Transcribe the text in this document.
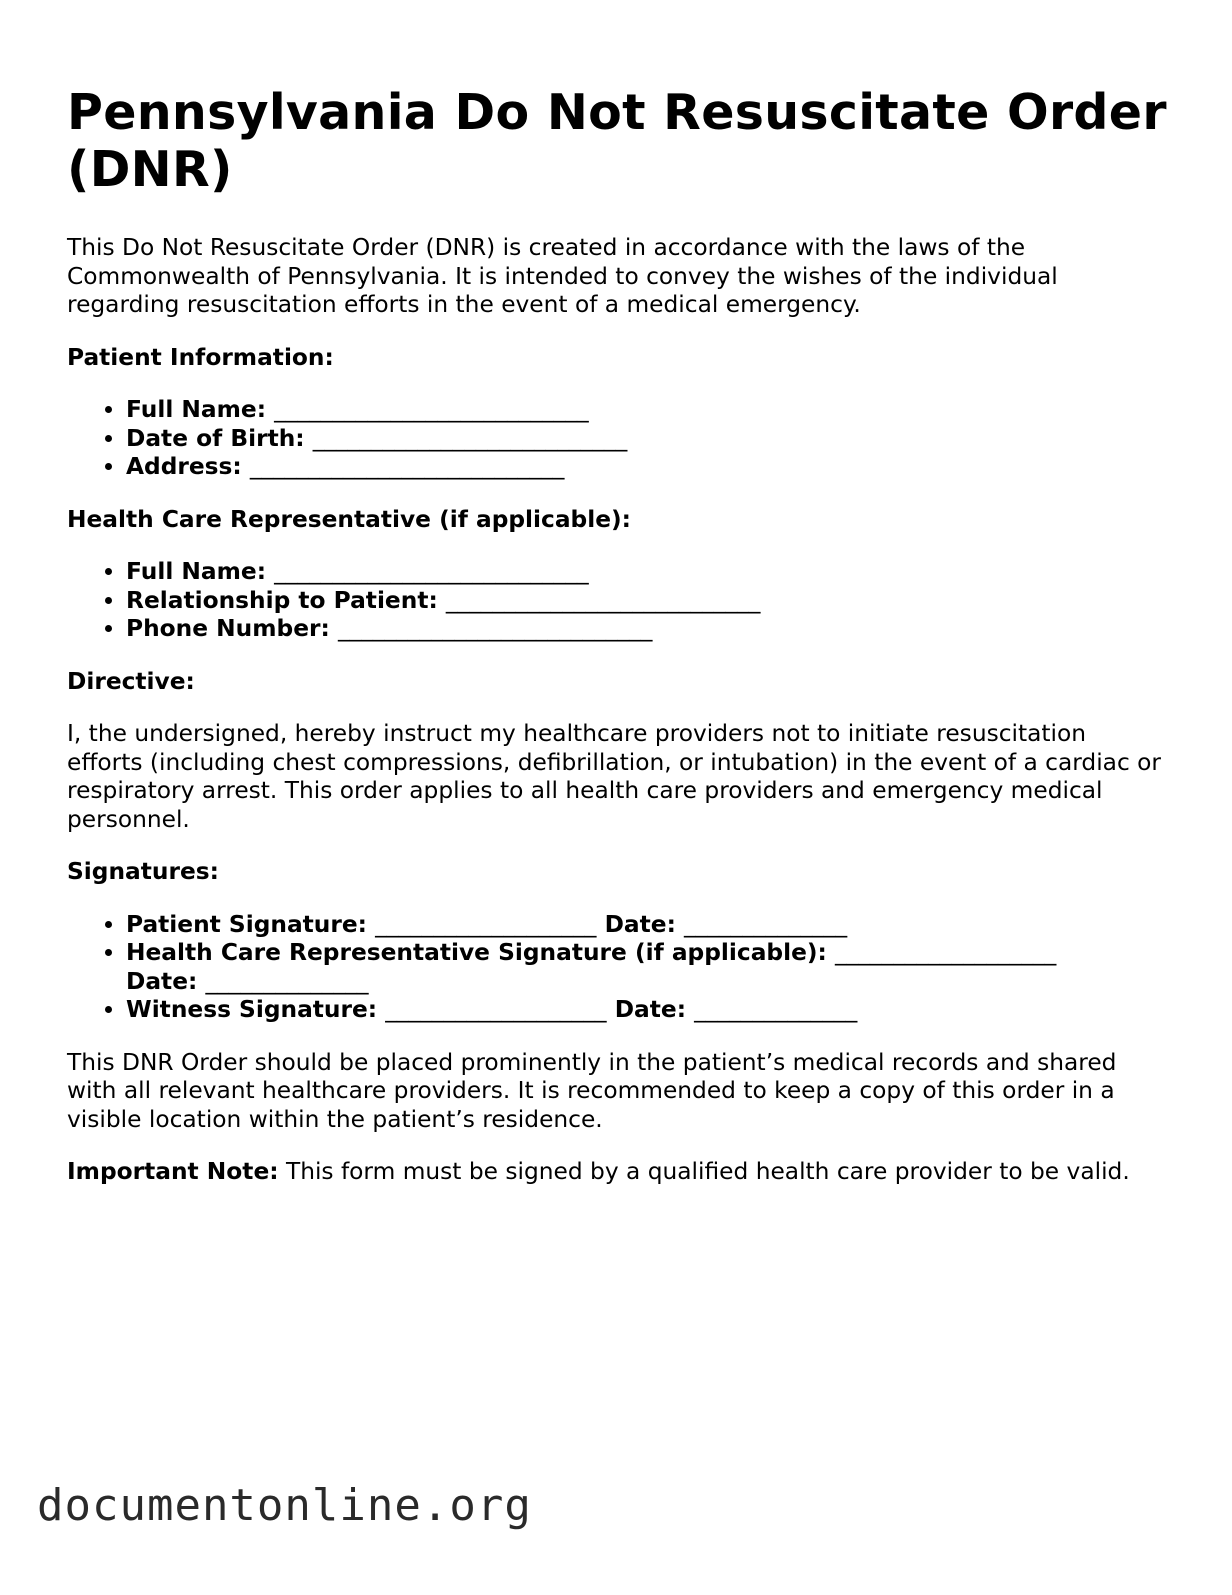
Pennsylvania Do Not Resuscitate Order (DNR)

This Do Not Resuscitate Order (DNR) is created in accordance with the laws of the Commonwealth of Pennsylvania. It is intended to convey the wishes of the individual regarding resuscitation efforts in the event of a medical emergency.

Patient Information:

• Full Name: ___________________________
• Date of Birth: ___________________________
• Address: ___________________________

Health Care Representative (if applicable):

• Full Name: ___________________________
• Relationship to Patient: ___________________________
• Phone Number: ___________________________

Directive:

I, the undersigned, hereby instruct my healthcare providers not to initiate resuscitation efforts (including chest compressions, defibrillation, or intubation) in the event of a cardiac or respiratory arrest. This order applies to all health care providers and emergency medical personnel.

Signatures:

• Patient Signature: ___________________ Date: ______________
• Health Care Representative Signature (if applicable): ___________________
Date: ______________
• Witness Signature: ___________________ Date: ______________

This DNR Order should be placed prominently in the patient’s medical records and shared with all relevant healthcare providers. It is recommended to keep a copy of this order in a visible location within the patient’s residence.

Important Note: This form must be signed by a qualified health care provider to be valid.

documentonline.org
